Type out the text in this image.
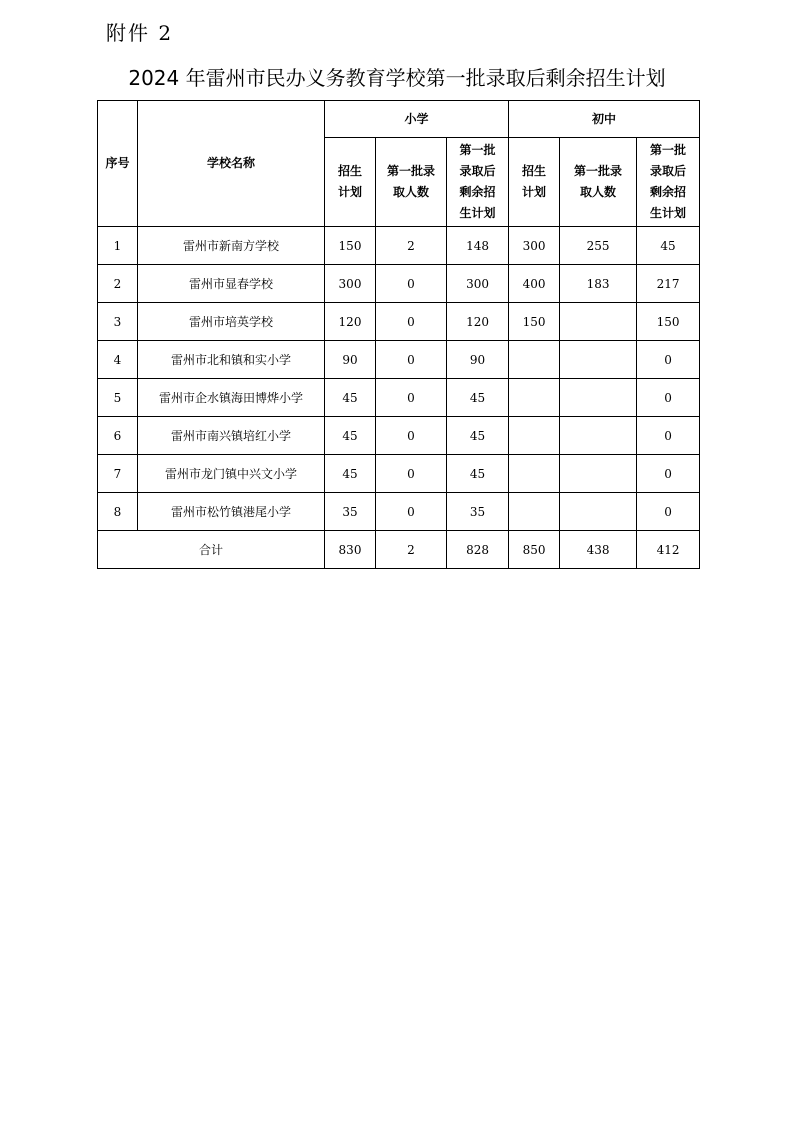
附件 2
2024 年雷州市民办义务教育学校第一批录取后剩余招生计划
序号	学校名称	小学			初中		
		招生计划	第一批录取人数	第一批录取后剩余招生计划	招生计划	第一批录取人数	第一批录取后剩余招生计划
1	雷州市新南方学校	150	2	148	300	255	45
2	雷州市显春学校	300	0	300	400	183	217
3	雷州市培英学校	120	0	120	150		150
4	雷州市北和镇和实小学	90	0	90			0
5	雷州市企水镇海田博烨小学	45	0	45			0
6	雷州市南兴镇培红小学	45	0	45			0
7	雷州市龙门镇中兴文小学	45	0	45			0
8	雷州市松竹镇港尾小学	35	0	35			0
合计		830	2	828	850	438	412
